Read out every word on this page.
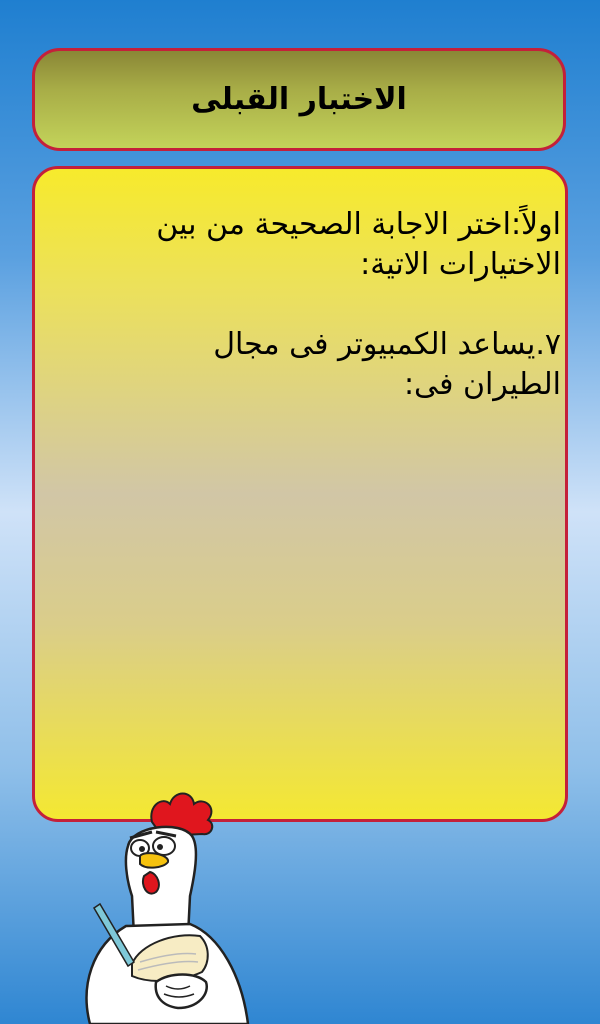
الاختبار القبلى

اولاً:اختر الاجابة الصحيحة من بين

الاختيارات الاتية:

٧.يساعد الكمبيوتر فى مجال

الطيران فى:
